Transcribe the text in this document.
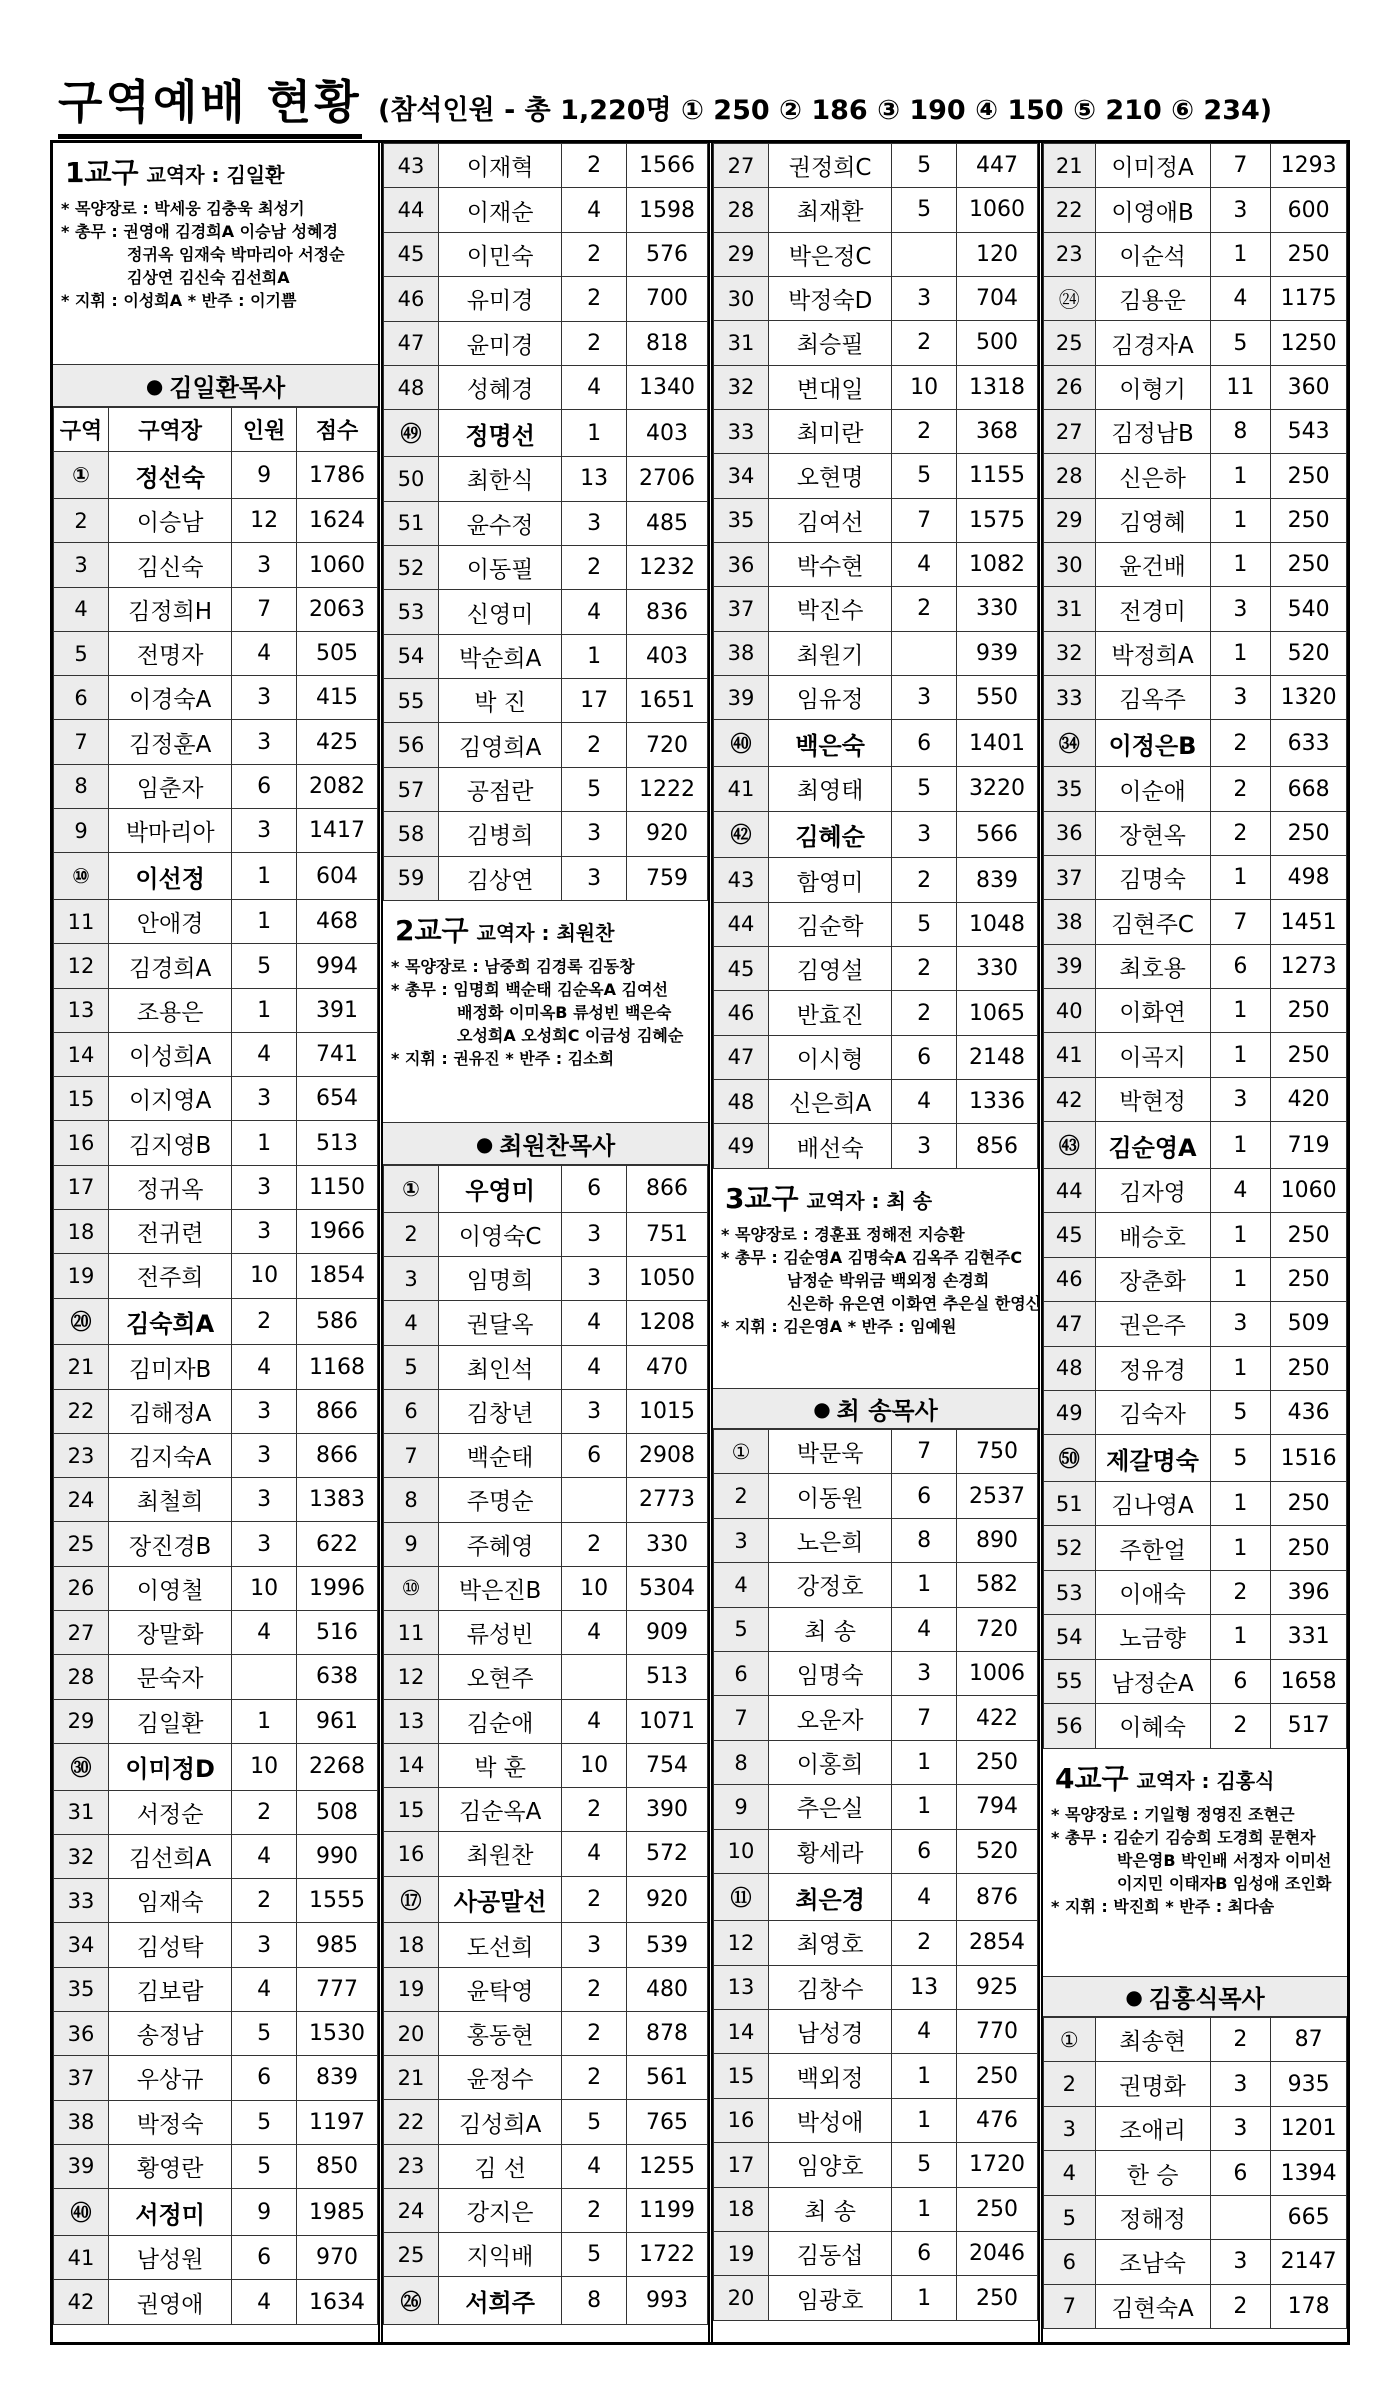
구역예배 현황 (참석인원 - 총 1,220명 ① 250 ② 186 ③ 190 ④ 150 ⑤ 210 ⑥ 234)
1교구 교역자 : 김일환
* 목양장로 : 박세웅 김충욱 최성기
* 총무 : 권영애 김경희A 이승남 성혜경
정귀옥 임재숙 박마리아 서정순
김상연 김신숙 김선희A
* 지휘 : 이성희A * 반주 : 이기쁨
● 김일환목사
구역	구역장	인원	점수
①	정선숙	9	1786
2	이승남	12	1624
3	김신숙	3	1060
4	김정희H	7	2063
5	전명자	4	505
6	이경숙A	3	415
7	김정훈A	3	425
8	임춘자	6	2082
9	박마리아	3	1417
⑩	이선정	1	604
11	안애경	1	468
12	김경희A	5	994
13	조용은	1	391
14	이성희A	4	741
15	이지영A	3	654
16	김지영B	1	513
17	정귀옥	3	1150
18	전귀련	3	1966
19	전주희	10	1854
⑳	김숙희A	2	586
21	김미자B	4	1168
22	김해정A	3	866
23	김지숙A	3	866
24	최철희	3	1383
25	장진경B	3	622
26	이영철	10	1996
27	장말화	4	516
28	문숙자		638
29	김일환	1	961
㉚	이미정D	10	2268
31	서정순	2	508
32	김선희A	4	990
33	임재숙	2	1555
34	김성탁	3	985
35	김보람	4	777
36	송정남	5	1530
37	우상규	6	839
38	박정숙	5	1197
39	황영란	5	850
㊵	서정미	9	1985
41	남성원	6	970
42	권영애	4	1634
43	이재혁	2	1566
44	이재순	4	1598
45	이민숙	2	576
46	유미경	2	700
47	윤미경	2	818
48	성혜경	4	1340
㊾	정명선	1	403
50	최한식	13	2706
51	윤수정	3	485
52	이동필	2	1232
53	신영미	4	836
54	박순희A	1	403
55	박 진	17	1651
56	김영희A	2	720
57	공점란	5	1222
58	김병희	3	920
59	김상연	3	759
2교구 교역자 : 최원찬
* 목양장로 : 남중희 김경록 김동창
* 총무 : 임명희 백순태 김순옥A 김여선
배정화 이미옥B 류성빈 백은숙
오성희A 오성희C 이금성 김혜순
* 지휘 : 권유진 * 반주 : 김소희
● 최원찬목사
①	우영미	6	866
2	이영숙C	3	751
3	임명희	3	1050
4	권달옥	4	1208
5	최인석	4	470
6	김창년	3	1015
7	백순태	6	2908
8	주명순		2773
9	주혜영	2	330
⑩	박은진B	10	5304
11	류성빈	4	909
12	오현주		513
13	김순애	4	1071
14	박 훈	10	754
15	김순옥A	2	390
16	최원찬	4	572
⑰	사공말선	2	920
18	도선희	3	539
19	윤탁영	2	480
20	홍동현	2	878
21	윤정수	2	561
22	김성희A	5	765
23	김 선	4	1255
24	강지은	2	1199
25	지익배	5	1722
㉖	서희주	8	993
27	권정희C	5	447
28	최재환	5	1060
29	박은정C		120
30	박정숙D	3	704
31	최승필	2	500
32	변대일	10	1318
33	최미란	2	368
34	오현명	5	1155
35	김여선	7	1575
36	박수현	4	1082
37	박진수	2	330
38	최원기		939
39	임유정	3	550
㊵	백은숙	6	1401
41	최영태	5	3220
㊷	김혜순	3	566
43	함영미	2	839
44	김순학	5	1048
45	김영설	2	330
46	반효진	2	1065
47	이시형	6	2148
48	신은희A	4	1336
49	배선숙	3	856
3교구 교역자 : 최 송
* 목양장로 : 경훈표 정해전 지승환
* 총무 : 김순영A 김명숙A 김옥주 김현주C
남정순 박위금 백외정 손경희
신은하 유은연 이화연 추은실 한영신
* 지휘 : 김은영A * 반주 : 임예원
● 최 송목사
①	박문욱	7	750
2	이동원	6	2537
3	노은희	8	890
4	강정호	1	582
5	최 송	4	720
6	임명숙	3	1006
7	오운자	7	422
8	이홍희	1	250
9	추은실	1	794
10	황세라	6	520
⑪	최은경	4	876
12	최영호	2	2854
13	김창수	13	925
14	남성경	4	770
15	백외정	1	250
16	박성애	1	476
17	임양호	5	1720
18	최 송	1	250
19	김동섭	6	2046
20	임광호	1	250
21	이미정A	7	1293
22	이영애B	3	600
23	이순석	1	250
㉔	김용운	4	1175
25	김경자A	5	1250
26	이형기	11	360
27	김정남B	8	543
28	신은하	1	250
29	김영혜	1	250
30	윤건배	1	250
31	전경미	3	540
32	박정희A	1	520
33	김옥주	3	1320
㉞	이정은B	2	633
35	이순애	2	668
36	장현옥	2	250
37	김명숙	1	498
38	김현주C	7	1451
39	최호용	6	1273
40	이화연	1	250
41	이곡지	1	250
42	박현정	3	420
㊸	김순영A	1	719
44	김자영	4	1060
45	배승호	1	250
46	장춘화	1	250
47	권은주	3	509
48	정유경	1	250
49	김숙자	5	436
㊿	제갈명숙	5	1516
51	김나영A	1	250
52	주한얼	1	250
53	이애숙	2	396
54	노금향	1	331
55	남정순A	6	1658
56	이혜숙	2	517
4교구 교역자 : 김홍식
* 목양장로 : 기일형 정영진 조현근
* 총무 : 김순기 김승희 도경희 문현자
박은영B 박인배 서정자 이미선
이지민 이태자B 임성애 조인화
* 지휘 : 박진희 * 반주 : 최다솜
● 김홍식목사
①	최송현	2	87
2	권명화	3	935
3	조애리	3	1201
4	한 승	6	1394
5	정해정		665
6	조남숙	3	2147
7	김현숙A	2	178
